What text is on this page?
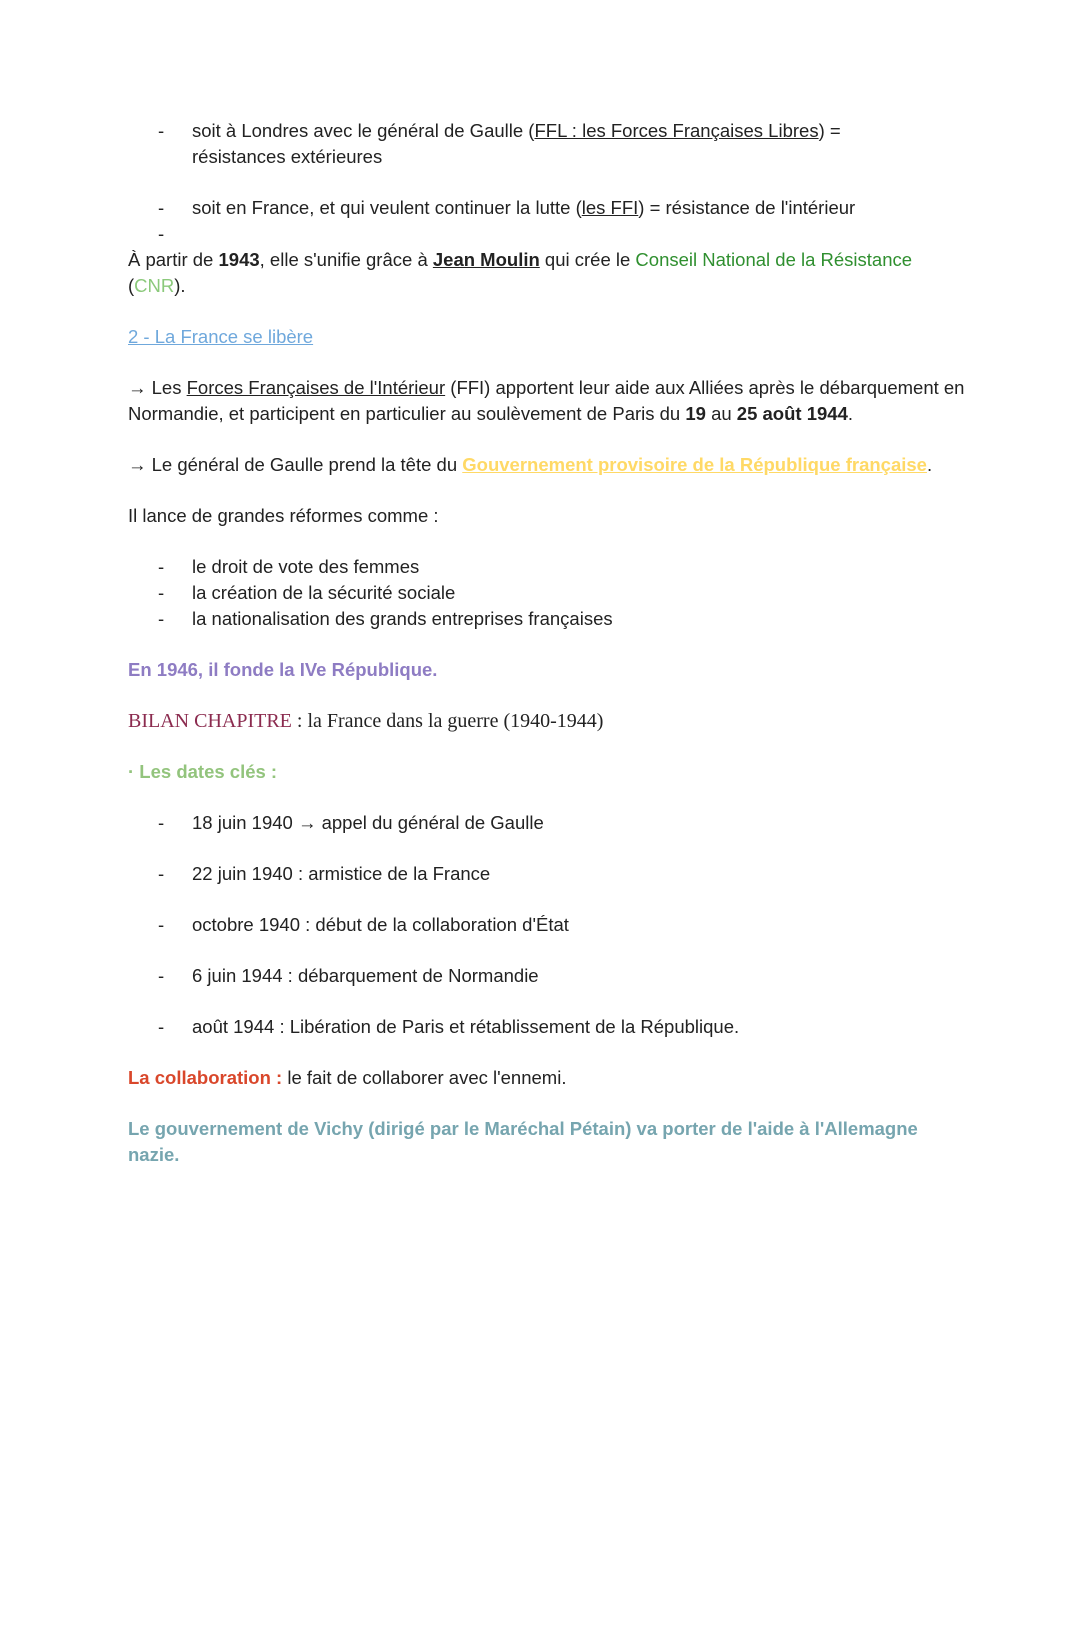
- soit à Londres avec le général de Gaulle (FFL : les Forces Françaises Libres) =
résistances extérieures
- soit en France, et qui veulent continuer la lutte (les FFI) = résistance de l'intérieur
-

À partir de 1943, elle s'unifie grâce à Jean Moulin qui crée le Conseil National de la Résistance
(CNR).

2 - La France se libère

→ Les Forces Françaises de l'Intérieur (FFI) apportent leur aide aux Alliées après le débarquement en Normandie, et participent en particulier au soulèvement de Paris du 19 au 25 août 1944.

→ Le général de Gaulle prend la tête du Gouvernement provisoire de la République française.

Il lance de grandes réformes comme :

- le droit de vote des femmes
- la création de la sécurité sociale
- la nationalisation des grands entreprises françaises

En 1946, il fonde la IVe République.

BILAN CHAPITRE : la France dans la guerre (1940-1944)

· Les dates clés :

- 18 juin 1940 → appel du général de Gaulle
- 22 juin 1940 : armistice de la France
- octobre 1940 : début de la collaboration d'État
- 6 juin 1944 : débarquement de Normandie
- août 1944 : Libération de Paris et rétablissement de la République.

La collaboration : le fait de collaborer avec l'ennemi.

Le gouvernement de Vichy (dirigé par le Maréchal Pétain) va porter de l'aide à l'Allemagne nazie.
